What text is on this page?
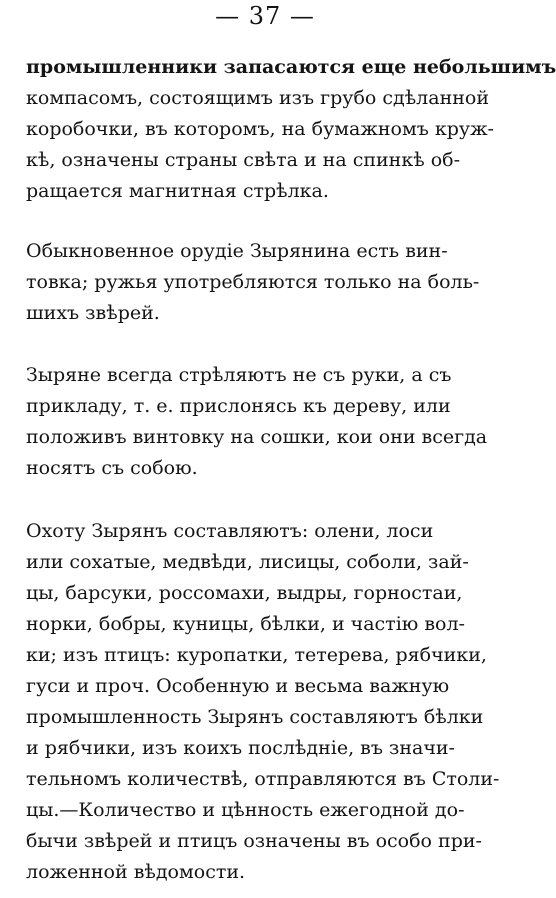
— 37 —
промышленники запасаются еще небольшимъ
компасомъ, состоящимъ изъ грубо сдѣланной
коробочки, въ которомъ, на бумажномъ круж-
кѣ, означены страны свѣта и на спинкѣ об-
ращается магнитная стрѣлка.
Обыкновенное орудіе Зырянина есть вин-
товка; ружья употребляются только на боль-
шихъ звѣрей.
Зыряне всегда стрѣляютъ не съ руки, а съ
прикладу, т. е. прислонясь къ дереву, или
положивъ винтовку на сошки, кои они всегда
носятъ съ собою.
Охоту Зырянъ составляютъ: олени, лоси
или сохатые, медвѣди, лисицы, соболи, зай-
цы, барсуки, россомахи, выдры, горностаи,
норки, бобры, куницы, бѣлки, и частію вол-
ки; изъ птицъ: куропатки, тетерева, рябчики,
гуси и проч. Особенную и весьма важную
промышленность Зырянъ составляютъ бѣлки
и рябчики, изъ коихъ послѣдніе, въ значи-
тельномъ количествѣ, отправляются въ Столи-
цы.—Количество и цѣнность ежегодной до-
бычи звѣрей и птицъ означены въ особо при-
ложенной вѣдомости.
